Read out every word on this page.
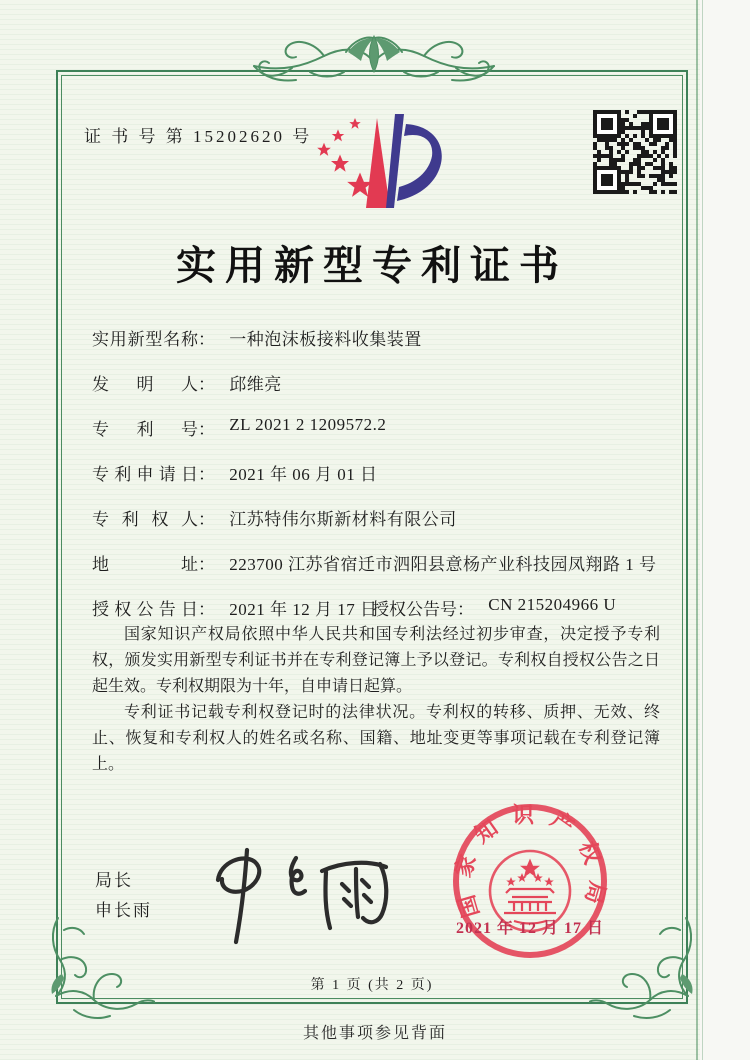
证 书 号 第 15202620 号
实用新型专利证书
实用新型名称： 一种泡沫板接料收集装置
发明人： 邱维亮
专利号： ZL 2021 2 1209572.2
专利申请日： 2021 年 06 月 01 日
专利权人： 江苏特伟尔斯新材料有限公司
地址： 223700 江苏省宿迁市泗阳县意杨产业科技园凤翔路 1 号
授权公告日： 2021 年 12 月 17 日
授权公告号： CN 215204966 U

国家知识产权局依照中华人民共和国专利法经过初步审查，决定授予专利权，颁发实用新型专利证书并在专利登记簿上予以登记。专利权自授权公告之日起生效。专利权期限为十年，自申请日起算。

专利证书记载专利权登记时的法律状况。专利权的转移、质押、无效、终止、恢复和专利权人的姓名或名称、国籍、地址变更等事项记载在专利登记簿上。

局长
申长雨	国家知识产权局
2021 年 12 月 17 日
第 1 页 (共 2 页)
其他事项参见背面
